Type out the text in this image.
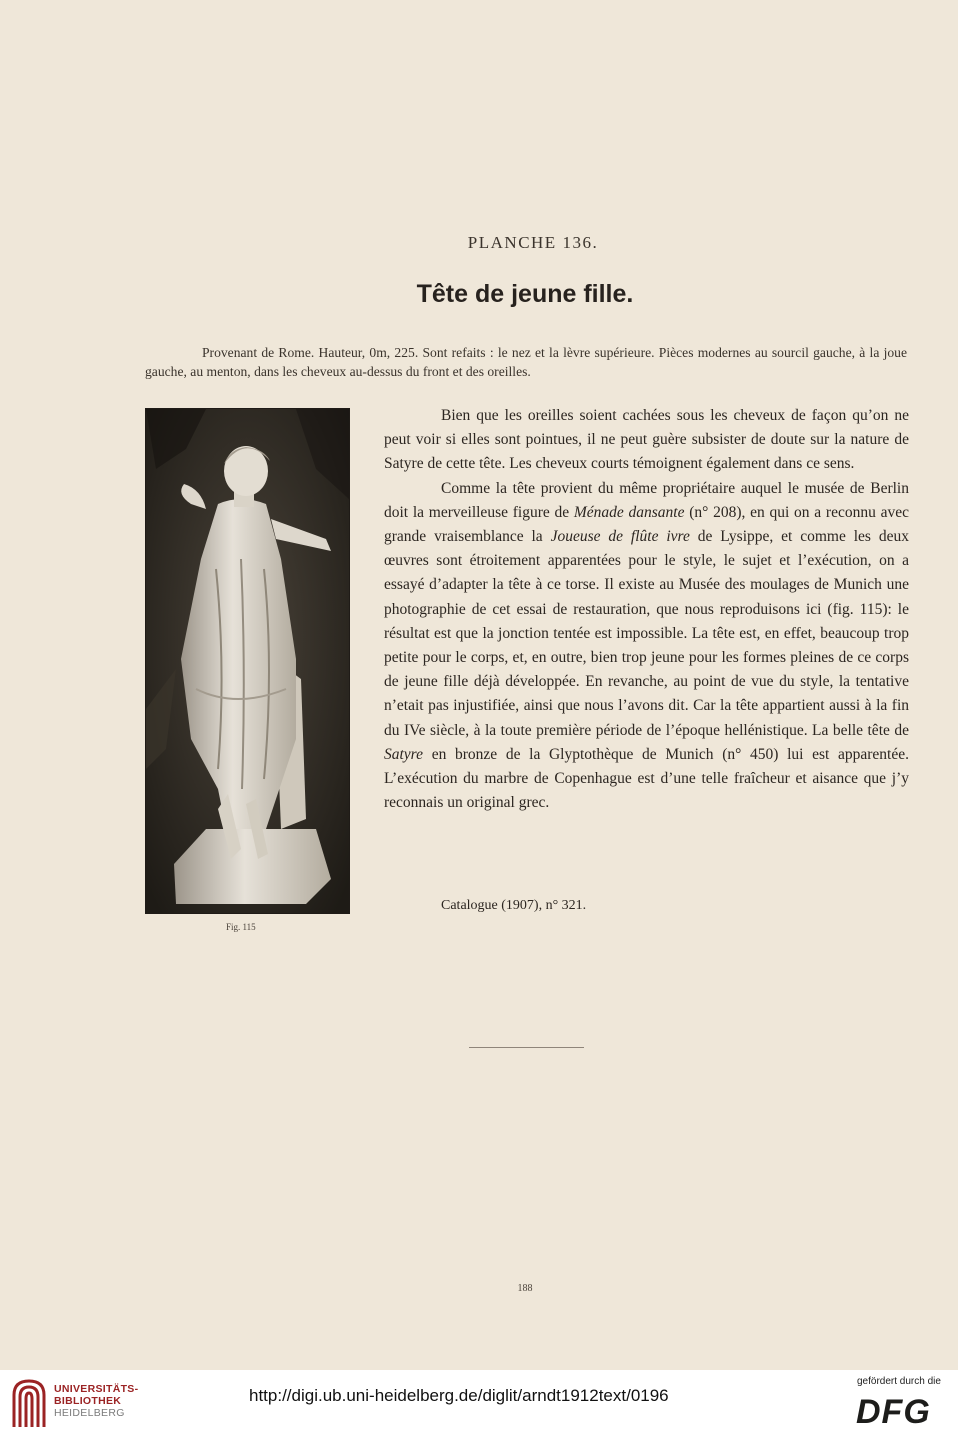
PLANCHE 136.
Tête de jeune fille.

Provenant de Rome. Hauteur, 0m, 225. Sont refaits : le nez et la lèvre supérieure. Pièces modernes au sourcil gauche, à la joue gauche, au menton, dans les cheveux au-dessus du front et des oreilles.

Fig. 115

Bien que les oreilles soient cachées sous les cheveux de façon qu’on ne peut voir si elles sont pointues, il ne peut guère subsister de doute sur la nature de Satyre de cette tête. Les cheveux courts témoignent également dans ce sens.

Comme la tête provient du même propriétaire auquel le musée de Berlin doit la merveilleuse figure de Ménade dansante (n° 208), en qui on a reconnu avec grande vraisemblance la Joueuse de flûte ivre de Lysippe, et comme les deux œuvres sont étroitement apparentées pour le style, le sujet et l’exécution, on a essayé d’adapter la tête à ce torse. Il existe au Musée des moulages de Munich une photographie de cet essai de restauration, que nous reproduisons ici (fig. 115): le résultat est que la jonction tentée est impossible. La tête est, en effet, beaucoup trop petite pour le corps, et, en outre, bien trop jeune pour les formes pleines de ce corps de jeune fille déjà développée. En revanche, au point de vue du style, la tentative n’etait pas injustifiée, ainsi que nous l’avons dit. Car la tête appartient aussi à la fin du IVe siècle, à la toute première période de l’époque hellénistique. La belle tête de Satyre en bronze de la Glyptothèque de Munich (n° 450) lui est apparentée. L’exécution du marbre de Copenhague est d’une telle fraîcheur et aisance que j’y reconnais un original grec.

Catalogue (1907), n° 321.
188
UNIVERSITÄTS-
BIBLIOTHEK
HEIDELBERG
http://digi.ub.uni-heidelberg.de/diglit/arndt1912text/0196
gefördert durch die
DFG
